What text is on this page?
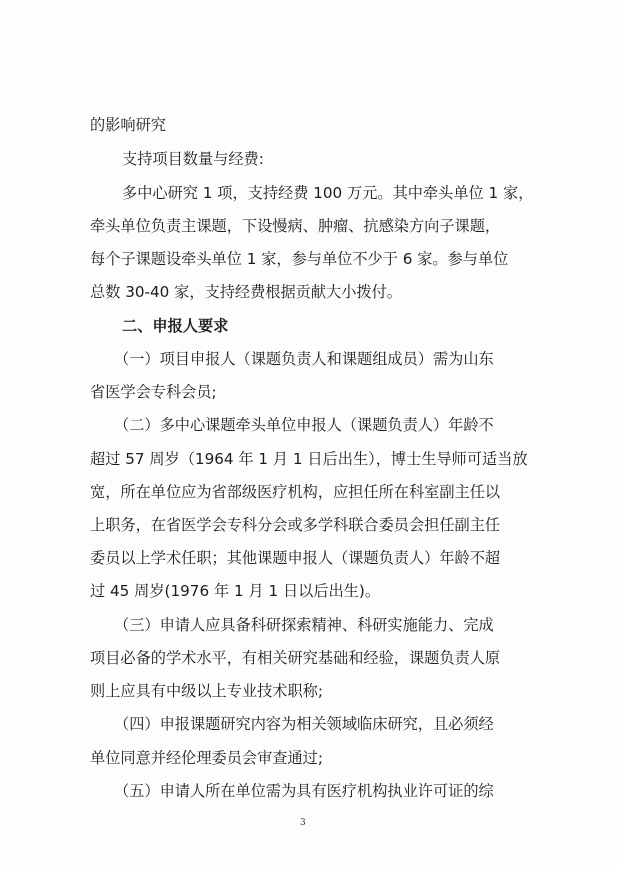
的影响研究
支持项目数量与经费:
多中心研究 1 项，支持经费 100 万元。其中牵头单位 1 家，
牵头单位负责主课题，下设慢病、肿瘤、抗感染方向子课题，
每个子课题设牵头单位 1 家，参与单位不少于 6 家。参与单位
总数 30-40 家，支持经费根据贡献大小拨付。
二、申报人要求
（一）项目申报人（课题负责人和课题组成员）需为山东
省医学会专科会员;
（二）多中心课题牵头单位申报人（课题负责人）年龄不
超过 57 周岁（1964 年 1 月 1 日后出生），博士生导师可适当放
宽，所在单位应为省部级医疗机构，应担任所在科室副主任以
上职务，在省医学会专科分会或多学科联合委员会担任副主任
委员以上学术任职；其他课题申报人（课题负责人）年龄不超
过 45 周岁(1976 年 1 月 1 日以后出生)。
（三）申请人应具备科研探索精神、科研实施能力、完成
项目必备的学术水平，有相关研究基础和经验，课题负责人原
则上应具有中级以上专业技术职称;
（四）申报课题研究内容为相关领域临床研究，且必须经
单位同意并经伦理委员会审查通过;
（五）申请人所在单位需为具有医疗机构执业许可证的综
3
